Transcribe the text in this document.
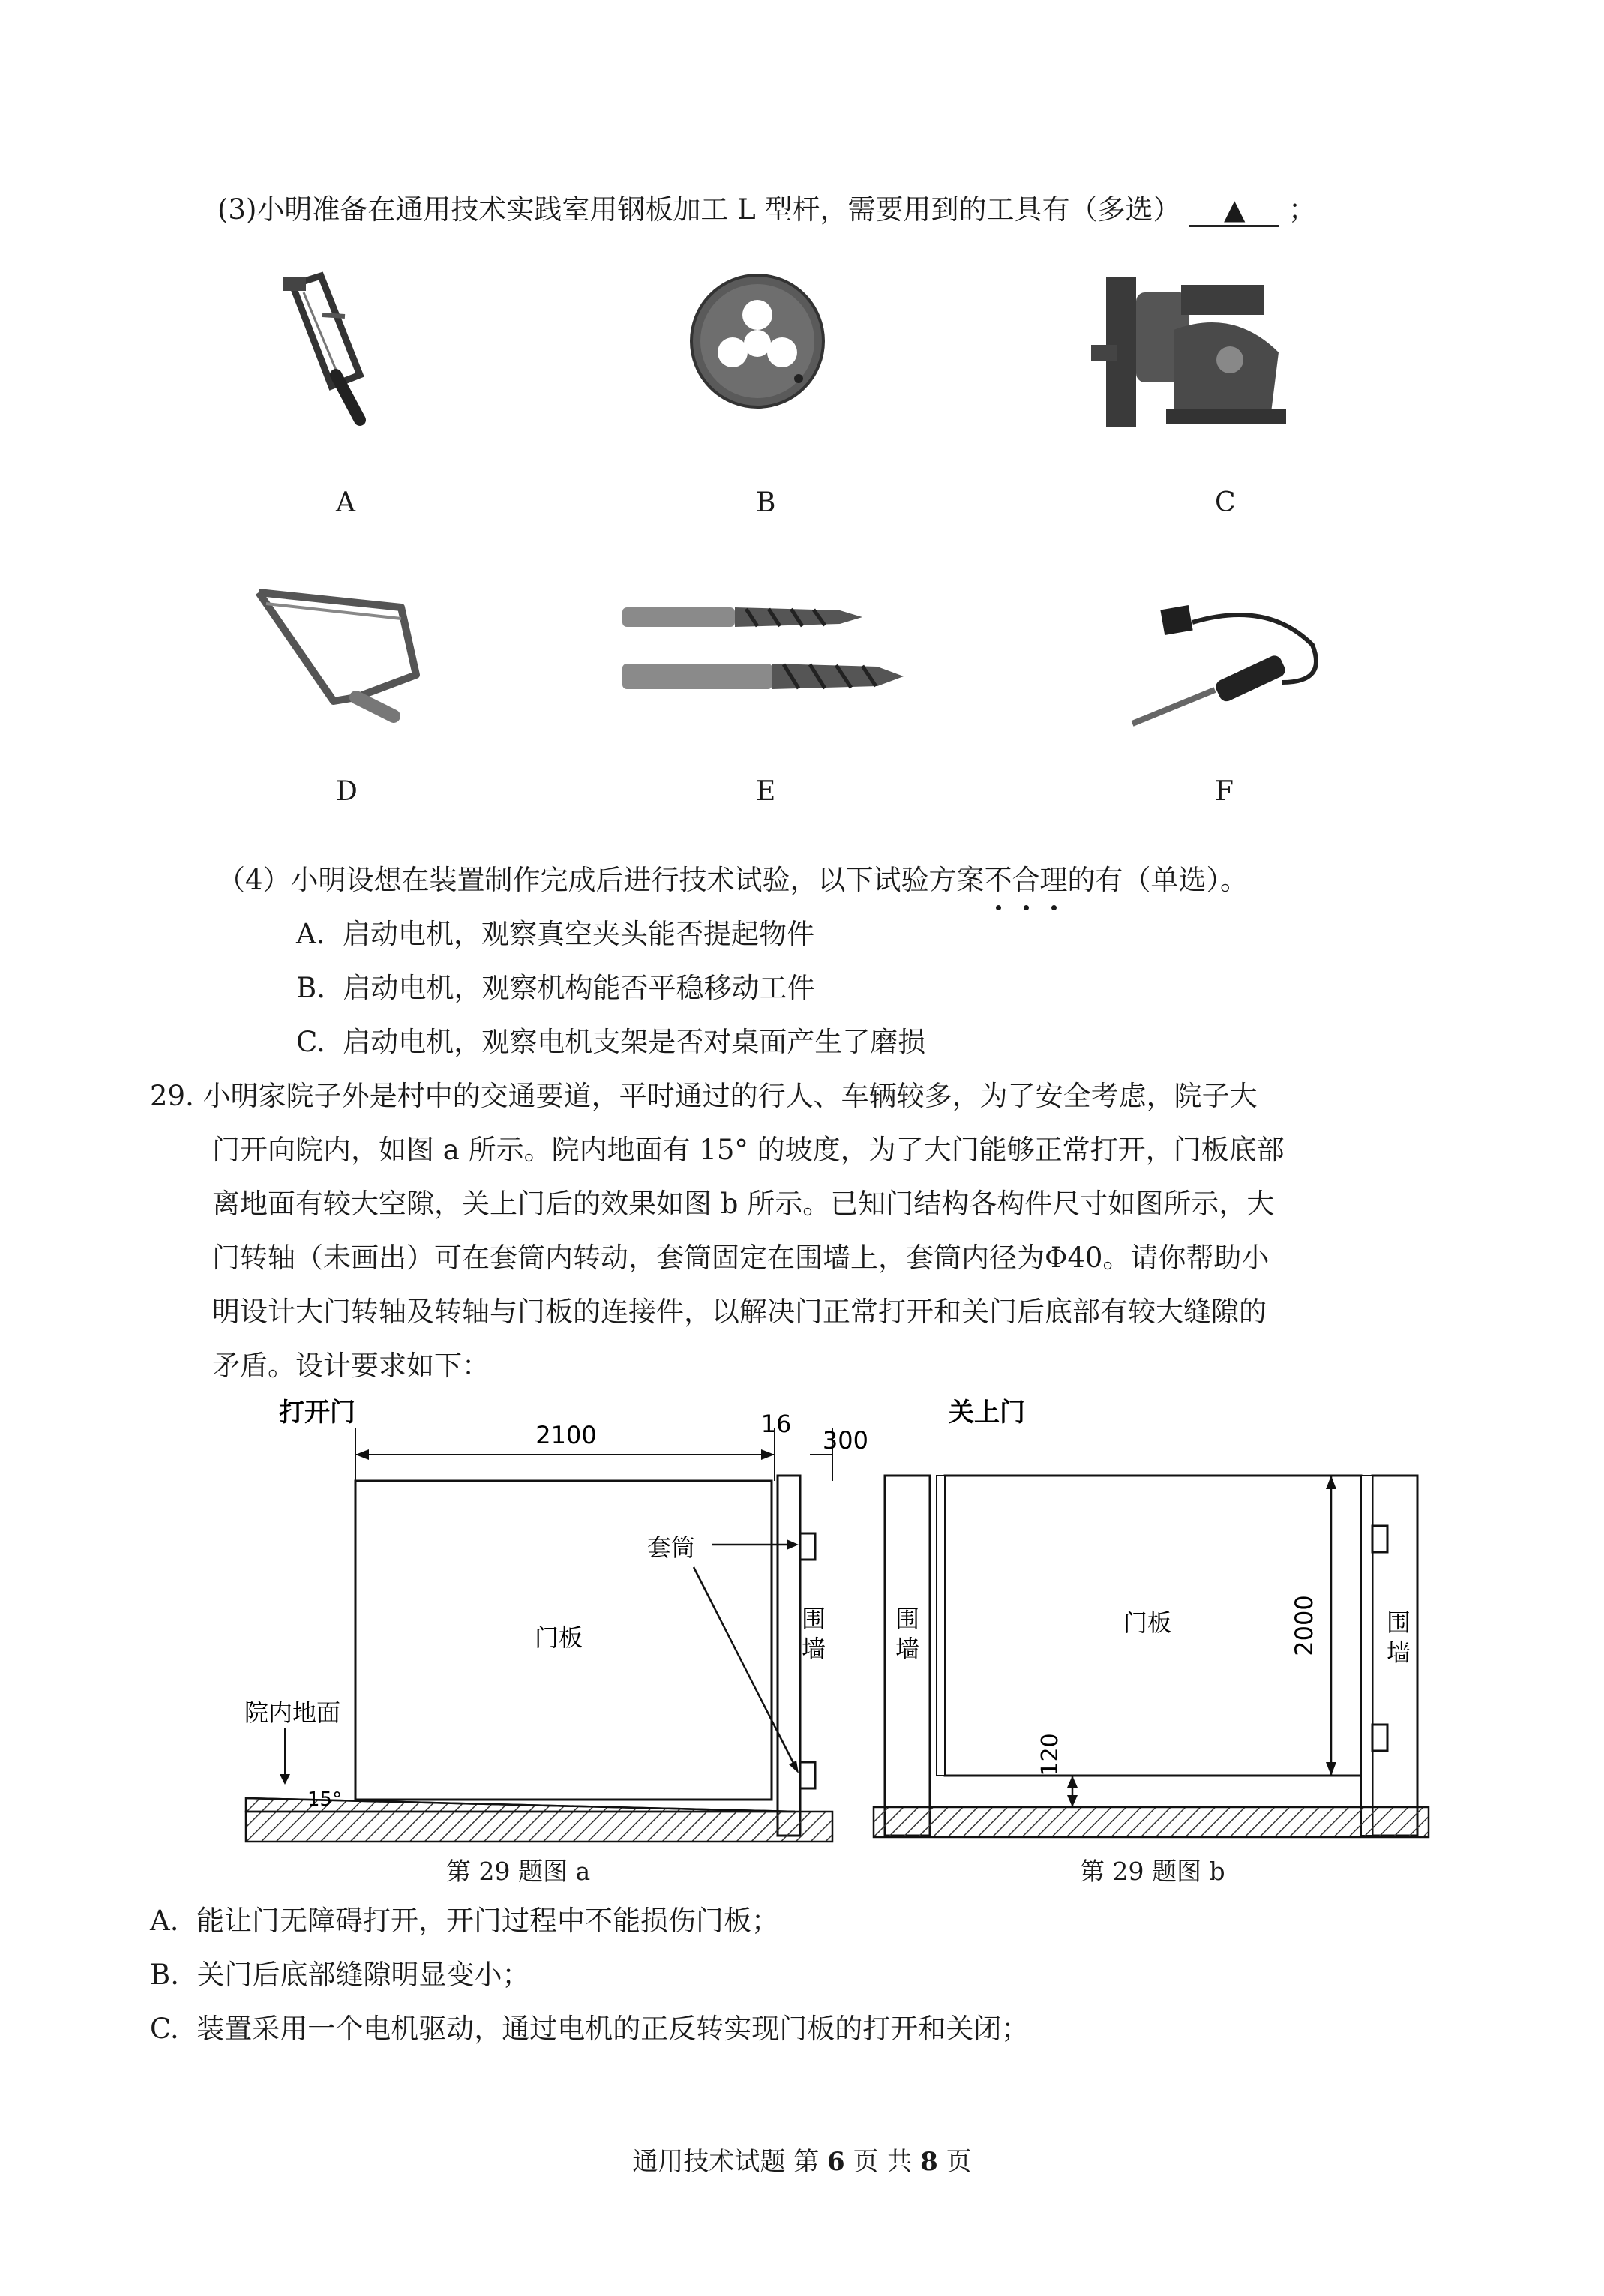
(3)小明准备在通用技术实践室用钢板加工 L 型杆，需要用到的工具有（多选） ▲ ；
A	B	C
D	E	F
（4）小明设想在装置制作完成后进行技术试验，以下试验方案不合理的有（单选）。
A. 启动电机，观察真空夹头能否提起物件
B. 启动电机，观察机构能否平稳移动工件
C. 启动电机，观察电机支架是否对桌面产生了磨损
29. 小明家院子外是村中的交通要道，平时通过的行人、车辆较多，为了安全考虑，院子大
门开向院内，如图 a 所示。院内地面有 15° 的坡度，为了大门能够正常打开，门板底部
离地面有较大空隙，关上门后的效果如图 b 所示。已知门结构各构件尺寸如图所示，大
门转轴（未画出）可在套筒内转动，套筒固定在围墙上，套筒内径为Φ40。请你帮助小
明设计大门转轴及转轴与门板的连接件，以解决门正常打开和关门后底部有较大缝隙的
矛盾。设计要求如下：
打开门
2100	16
300
门板
围
墙
套筒
院内地面
15°
关上门
围
墙
门板	围
墙
2000
120
第 29 题图 a	第 29 题图 b
A. 能让门无障碍打开，开门过程中不能损伤门板；
B. 关门后底部缝隙明显变小；
C. 装置采用一个电机驱动，通过电机的正反转实现门板的打开和关闭；
通用技术试题 第 6 页 共 8 页
